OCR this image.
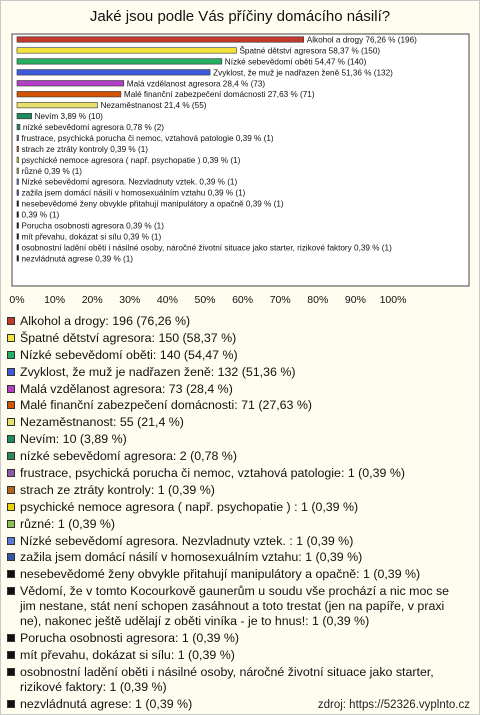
Jaké jsou podle Vás příčiny domácího násilí?
Alkohol a drogy 76,26 % (196)
Špatné dětství agresora 58,37 % (150)
Nízké sebevědomí oběti 54,47 % (140)
Zvyklost, že muž je nadřazen ženě 51,36 % (132)
Malá vzdělanost agresora 28,4 % (73)
Malé finanční zabezpečení domácnosti 27,63 % (71)
Nezaměstnanost 21,4 % (55)
Nevím 3,89 % (10)
nízké sebevědomí agresora 0,78 % (2)
frustrace, psychická porucha či nemoc, vztahová patologie 0,39 % (1)
strach ze ztráty kontroly 0,39 % (1)
psychické nemoce agresora ( např. psychopatie ) 0,39 % (1)
různé 0,39 % (1)
Nízké sebevědomí agresora. Nezvladnuty vztek. 0,39 % (1)
zažila jsem domácí násilí v homosexuálním vztahu 0,39 % (1)
nesebevědomé ženy obvykle přitahují manipulátory a opačně 0,39 % (1)
0,39 % (1)
Porucha osobnosti agresora 0,39 % (1)
mít převahu, dokázat si sílu 0,39 % (1)
osobnostní ladění oběti i násilné osoby, náročné životní situace jako starter, rizikové faktory 0,39 % (1)
nezvládnutá agrese 0,39 % (1)
0% 10% 20% 30% 40% 50% 60% 70% 80% 90% 100%
Alkohol a drogy: 196 (76,26 %)
Špatné dětství agresora: 150 (58,37 %)
Nízké sebevědomí oběti: 140 (54,47 %)
Zvyklost, že muž je nadřazen ženě: 132 (51,36 %)
Malá vzdělanost agresora: 73 (28,4 %)
Malé finanční zabezpečení domácnosti: 71 (27,63 %)
Nezaměstnanost: 55 (21,4 %)
Nevím: 10 (3,89 %)
nízké sebevědomí agresora: 2 (0,78 %)
frustrace, psychická porucha či nemoc, vztahová patologie: 1 (0,39 %)
strach ze ztráty kontroly: 1 (0,39 %)
psychické nemoce agresora ( např. psychopatie ) : 1 (0,39 %)
různé: 1 (0,39 %)
Nízké sebevědomí agresora. Nezvladnuty vztek. : 1 (0,39 %)
zažila jsem domácí násilí v homosexuálním vztahu: 1 (0,39 %)
nesebevědomé ženy obvykle přitahují manipulátory a opačně: 1 (0,39 %)
Vědomí, že v tomto Kocourkově gaunerům u soudu vše prochází a nic moc se jim nestane, stát není schopen zasáhnout a toto trestat (jen na papíře, v praxi ne), nakonec ještě udělají z oběti viníka - je to hnus!: 1 (0,39 %)
Porucha osobnosti agresora: 1 (0,39 %)
mít převahu, dokázat si sílu: 1 (0,39 %)
osobnostní ladění oběti i násilné osoby, náročné životní situace jako starter, rizikové faktory: 1 (0,39 %)
nezvládnutá agrese: 1 (0,39 %)	zdroj: https://52326.vyplnto.cz
